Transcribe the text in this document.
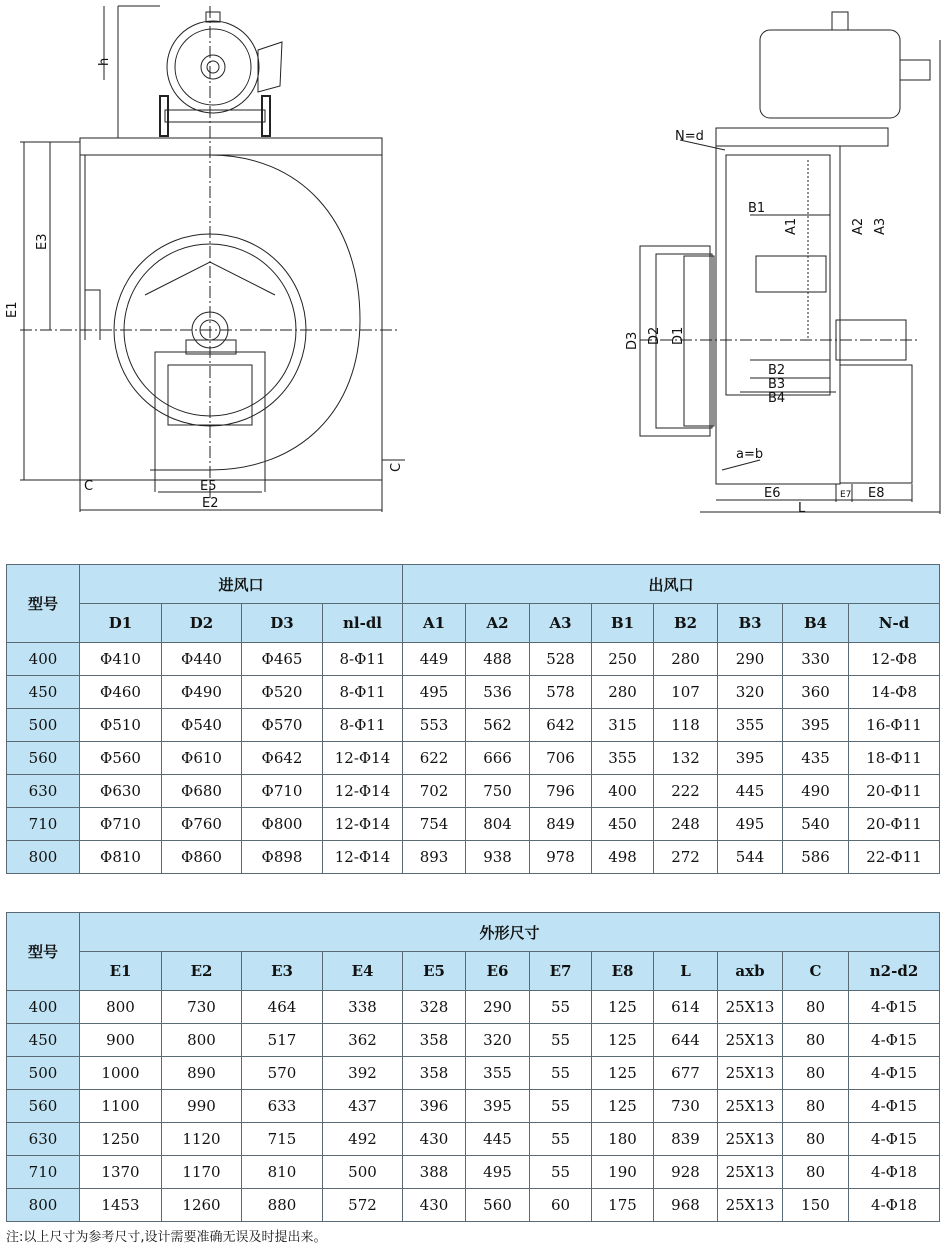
h
E3
E1
C
C
E5
E2
N=d
B1
A1	A2 A3
D3 D2 D1
B2
B3
B4
a=b
E6	E7 E8
L
型号	进风口				出风口							
	D1	D2	D3	nl-dl	A1	A2	A3	B1	B2	B3	B4	N-d
400	Φ410	Φ440	Φ465	8-Φ11	449	488	528	250	280	290	330	12-Φ8
450	Φ460	Φ490	Φ520	8-Φ11	495	536	578	280	107	320	360	14-Φ8
500	Φ510	Φ540	Φ570	8-Φ11	553	562	642	315	118	355	395	16-Φ11
560	Φ560	Φ610	Φ642	12-Φ14	622	666	706	355	132	395	435	18-Φ11
630	Φ630	Φ680	Φ710	12-Φ14	702	750	796	400	222	445	490	20-Φ11
710	Φ710	Φ760	Φ800	12-Φ14	754	804	849	450	248	495	540	20-Φ11
800	Φ810	Φ860	Φ898	12-Φ14	893	938	978	498	272	544	586	22-Φ11
型号	外形尺寸											
	E1	E2	E3	E4	E5	E6	E7	E8	L	axb	C	n2-d2
400	800	730	464	338	328	290	55	125	614	25X13	80	4-Φ15
450	900	800	517	362	358	320	55	125	644	25X13	80	4-Φ15
500	1000	890	570	392	358	355	55	125	677	25X13	80	4-Φ15
560	1100	990	633	437	396	395	55	125	730	25X13	80	4-Φ15
630	1250	1120	715	492	430	445	55	180	839	25X13	80	4-Φ15
710	1370	1170	810	500	388	495	55	190	928	25X13	80	4-Φ18
800	1453	1260	880	572	430	560	60	175	968	25X13	150	4-Φ18
注:以上尺寸为参考尺寸,设计需要准确无误及时提出来。
